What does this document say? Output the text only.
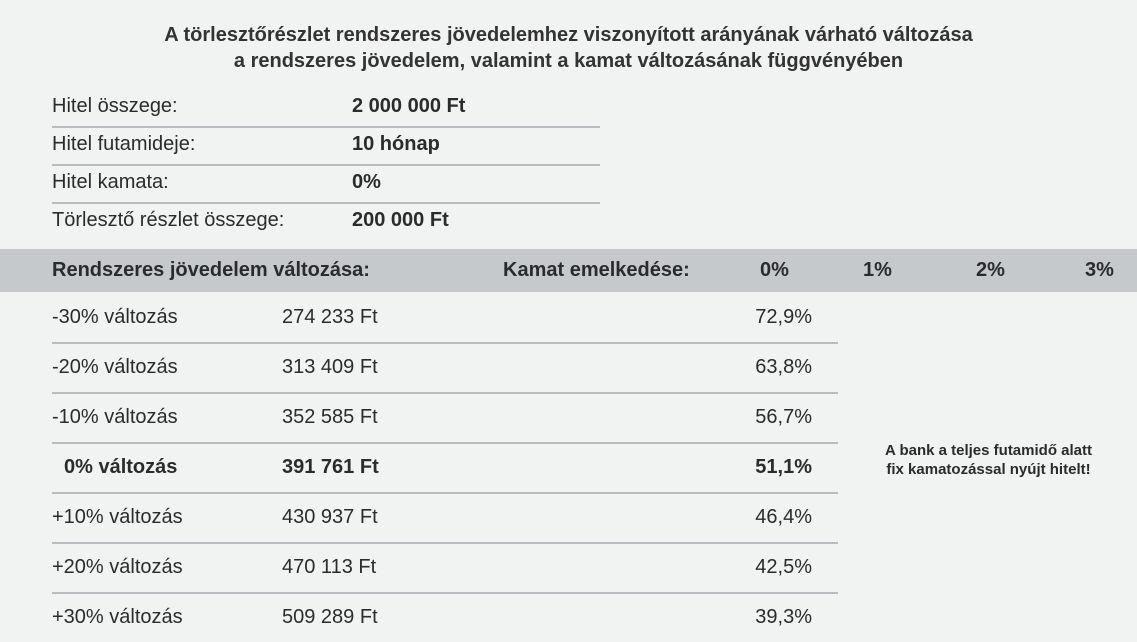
A törlesztőrészlet rendszeres jövedelemhez viszonyított arányának várható változása
a rendszeres jövedelem, valamint a kamat változásának függvényében
Hitel összege:	2 000 000 Ft
Hitel futamideje:	10 hónap
Hitel kamata:	0%
Törlesztő részlet összege:	200 000 Ft
Rendszeres jövedelem változása:	Kamat emelkedése:	0%	1%	2%	3%
-30% változás	274 233 Ft	72,9%
-20% változás	313 409 Ft	63,8%
-10% változás	352 585 Ft	56,7%
0% változás	391 761 Ft	51,1%
+10% változás	430 937 Ft	46,4%
+20% változás	470 113 Ft	42,5%
+30% változás	509 289 Ft	39,3%
A bank a teljes futamidő alatt
fix kamatozással nyújt hitelt!
